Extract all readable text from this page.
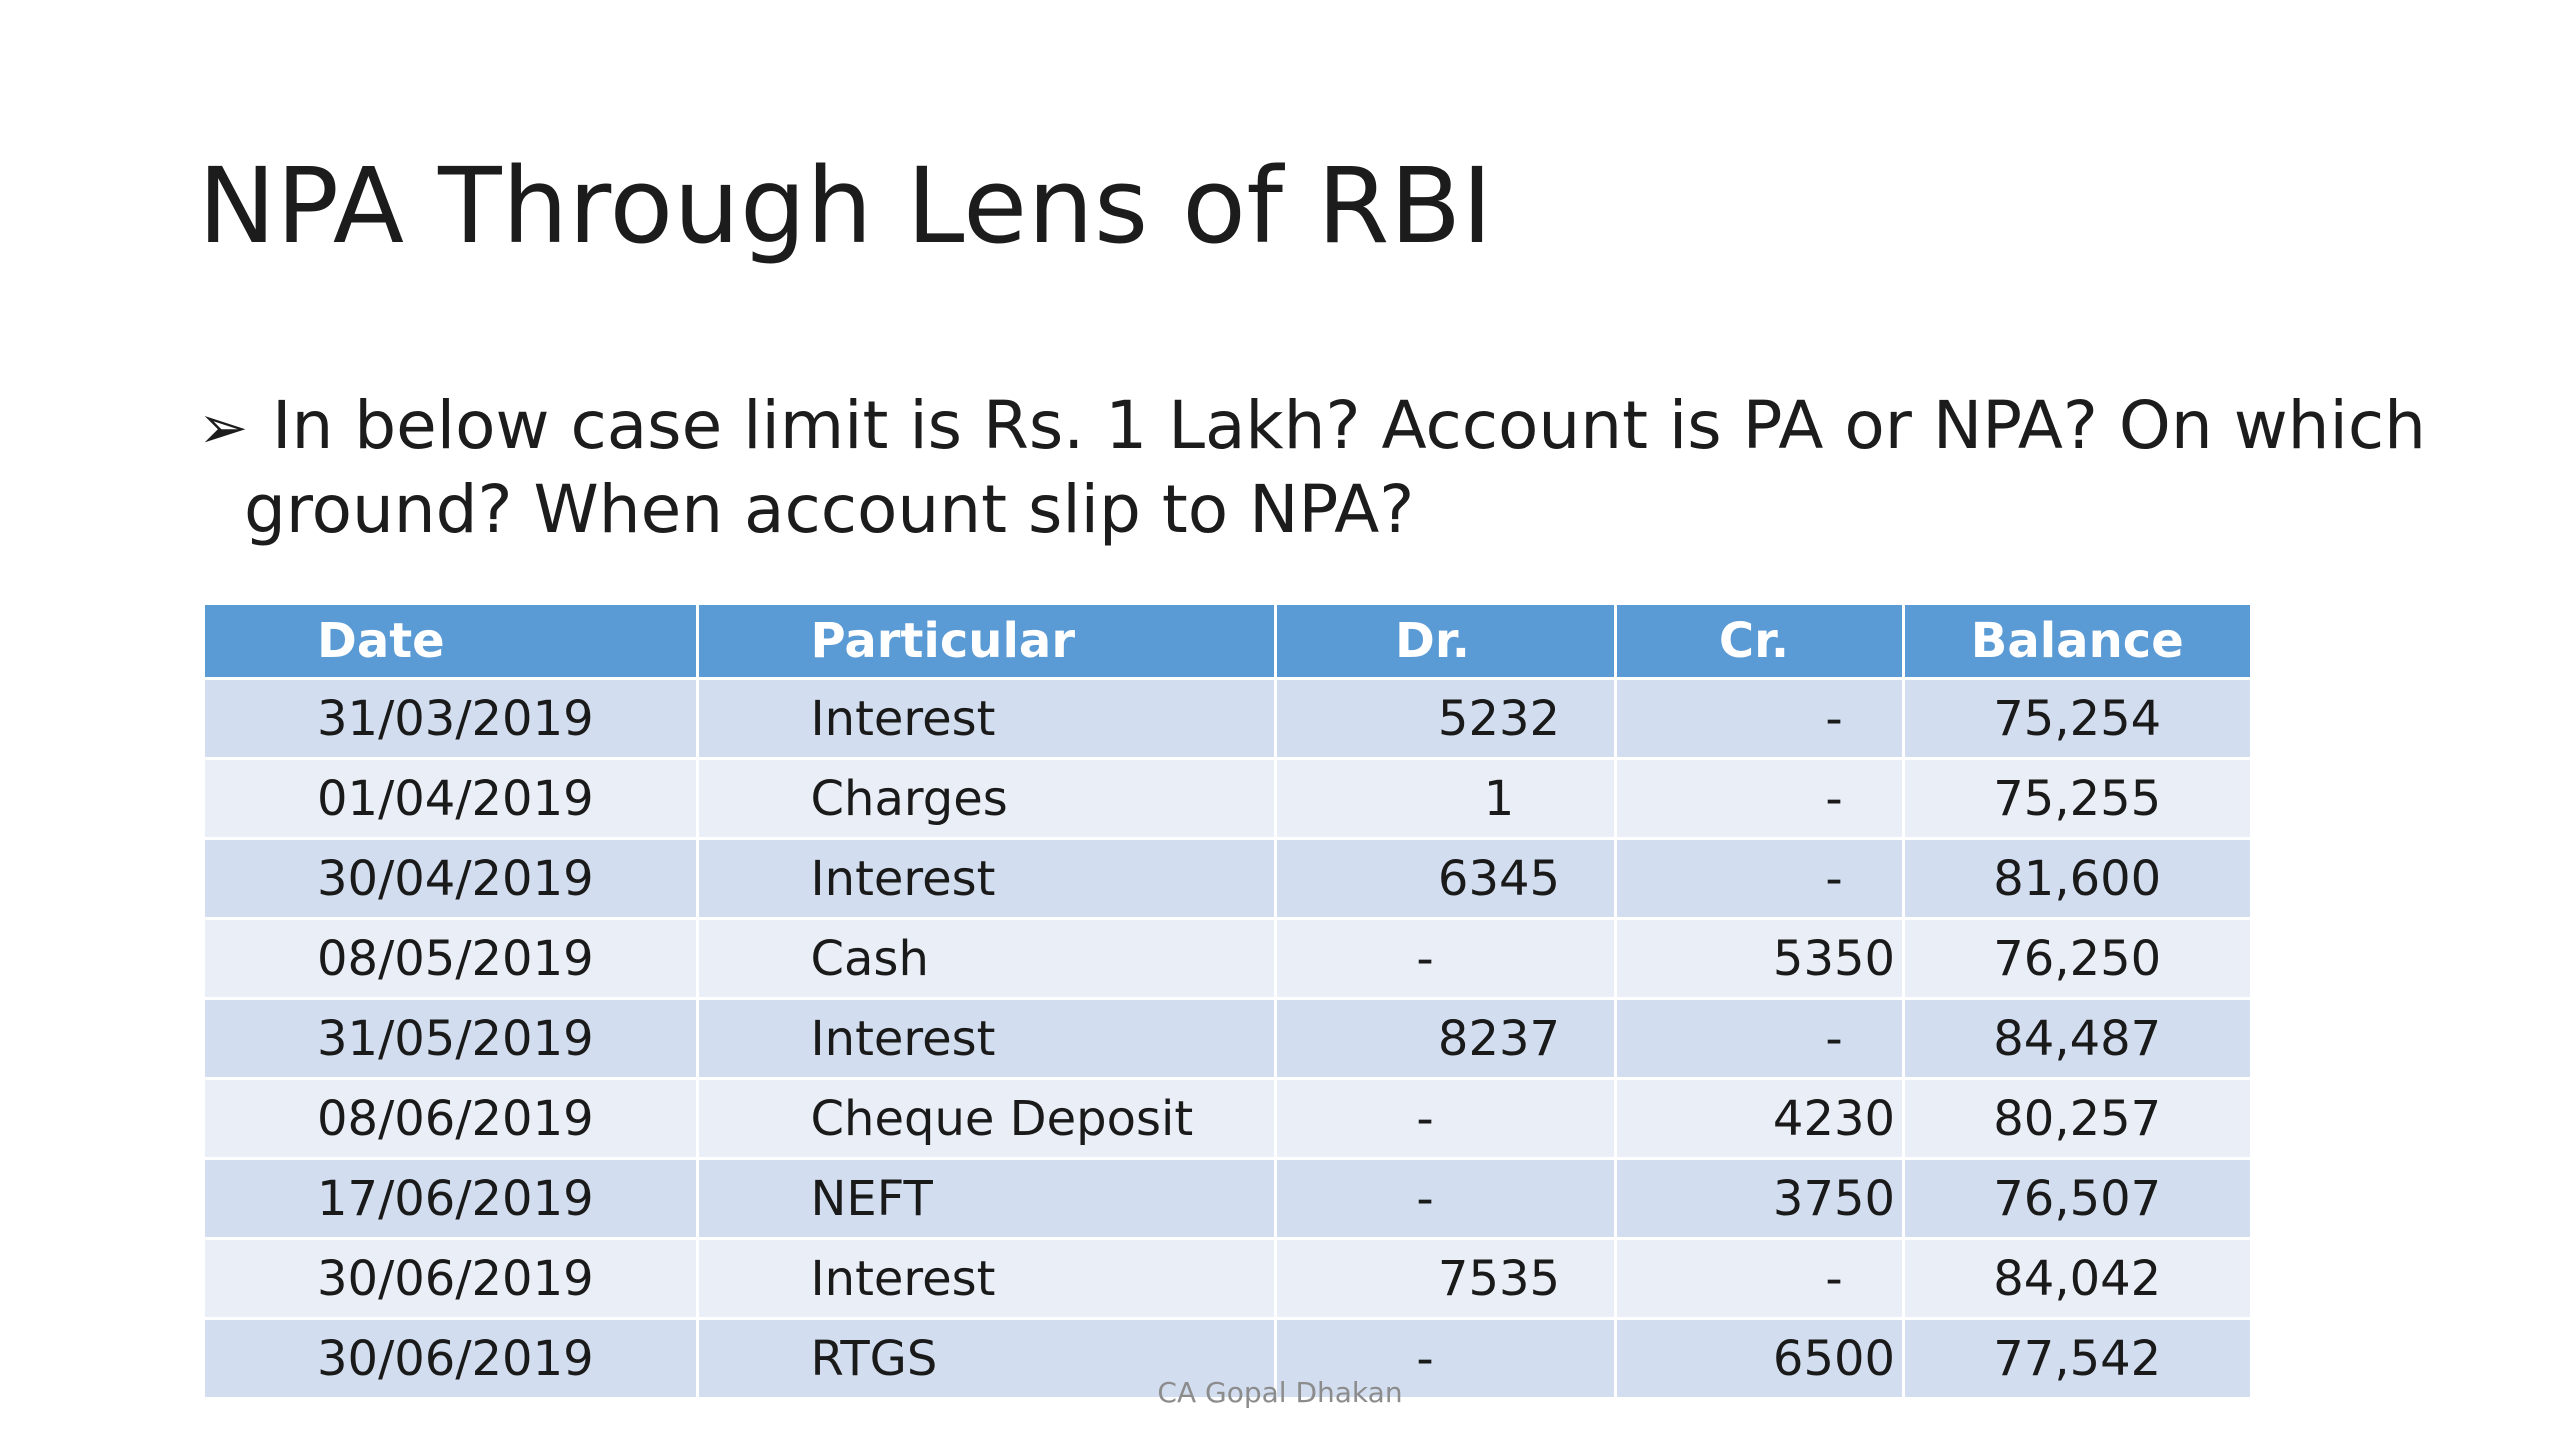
NPA Through Lens of RBI
➢ In below case limit is Rs. 1 Lakh? Account is PA or NPA? On which
ground? When account slip to NPA?
Date	Particular	Dr.	Cr.	Balance
31/03/2019	Interest	5232	-	75,254
01/04/2019	Charges	1	-	75,255
30/04/2019	Interest	6345	-	81,600
08/05/2019	Cash	-	5350	76,250
31/05/2019	Interest	8237	-	84,487
08/06/2019	Cheque Deposit	-	4230	80,257
17/06/2019	NEFT	-	3750	76,507
30/06/2019	Interest	7535	-	84,042
30/06/2019	RTGS	-	6500	77,542
CA Gopal Dhakan
